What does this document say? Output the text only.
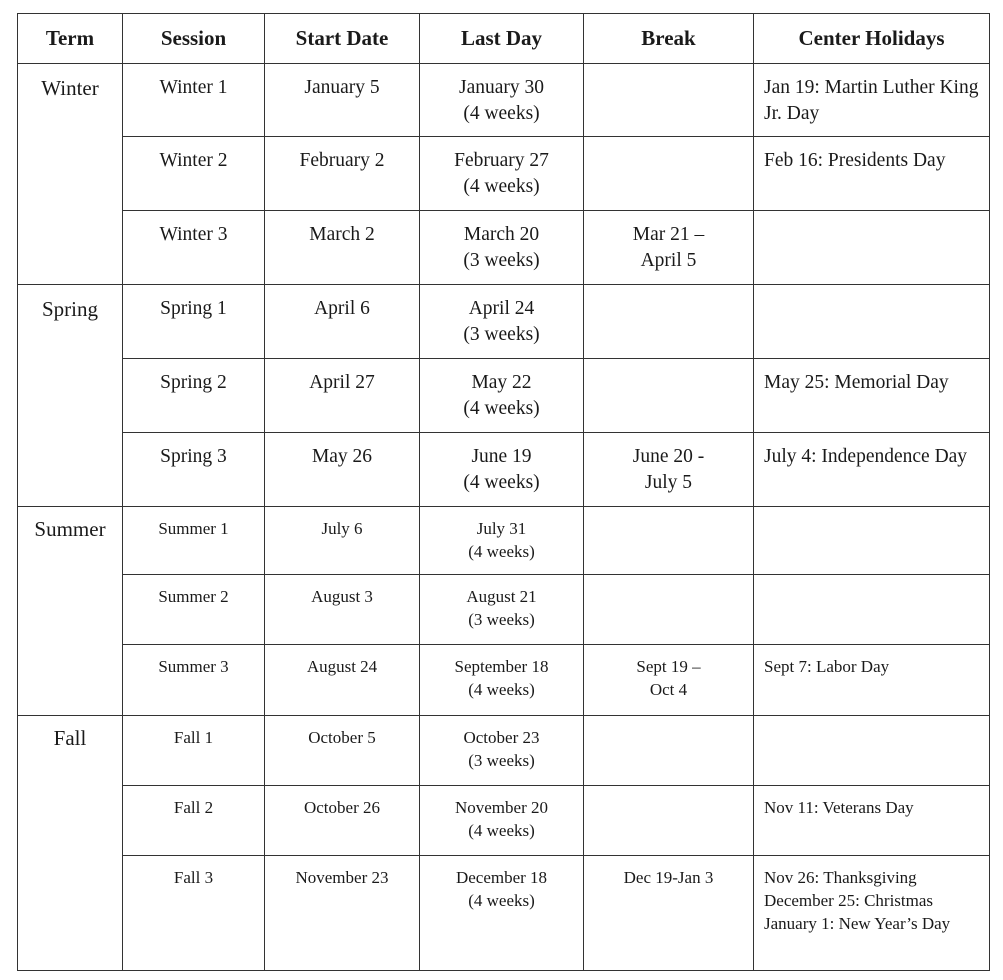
Term	Session	Start Date	Last Day	Break	Center Holidays
Winter	Winter 1	January 5	January 30
(4 weeks)		Jan 19: Martin Luther King Jr. Day

	Winter 2	February 2	February 27
(4 weeks)		Feb 16: Presidents Day

	Winter 3	March 2	March 20
(3 weeks)	Mar 21 –
April 5	

Spring	Spring 1	April 6	April 24
(3 weeks)		

	Spring 2	April 27	May 22
(4 weeks)		May 25: Memorial Day

	Spring 3	May 26	June 19
(4 weeks)	June 20 -
July 5	July 4: Independence Day

Summer	Summer 1	July 6	July 31
(4 weeks)		

	Summer 2	August 3	August 21
(3 weeks)		

	Summer 3	August 24	September 18
(4 weeks)	Sept 19 –
Oct 4	Sept 7: Labor Day

Fall	Fall 1	October 5	October 23
(3 weeks)		

	Fall 2	October 26	November 20
(4 weeks)		Nov 11: Veterans Day

	Fall 3	November 23	December 18
(4 weeks)	Dec 19-Jan 3	Nov 26: Thanksgiving
December 25: Christmas
January 1: New Year’s Day
